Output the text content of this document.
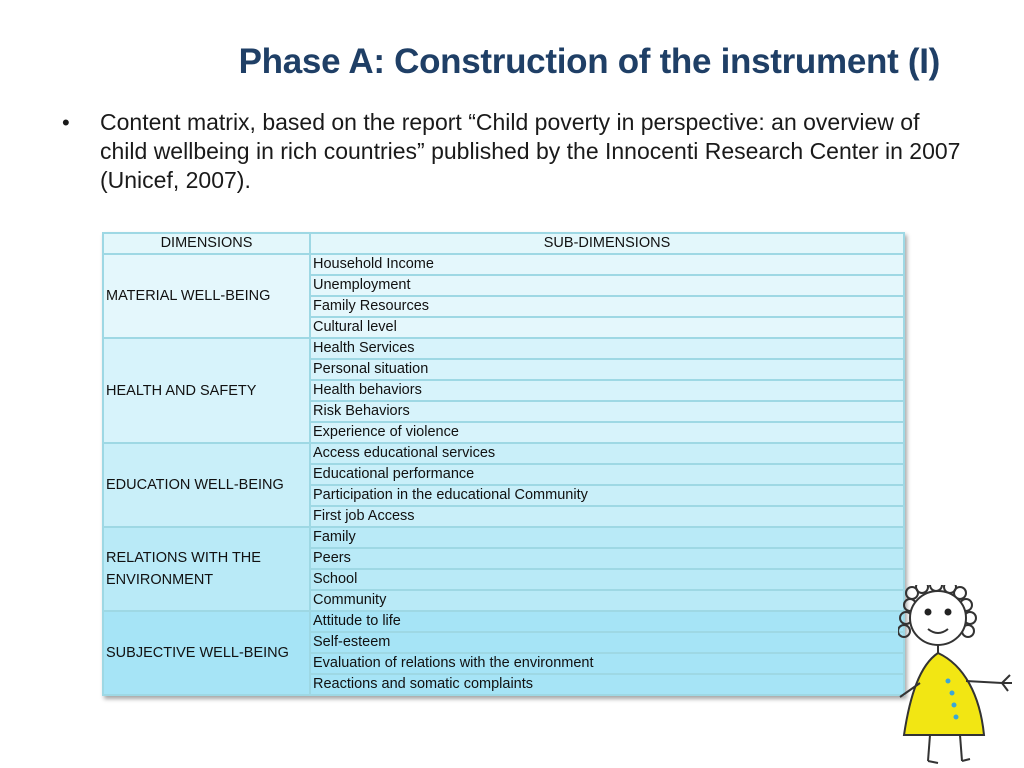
Phase A: Construction of the instrument (I)
•	Content matrix, based on the report “Child poverty in perspective: an overview of child wellbeing in rich countries” published by the Innocenti Research Center in 2007 (Unicef, 2007).
DIMENSIONS	SUB-DIMENSIONS
MATERIAL WELL-BEING	Household Income
	Unemployment
	Family Resources
	Cultural level
HEALTH AND SAFETY	Health Services
	Personal situation
	Health behaviors
	Risk Behaviors
	Experience of violence
EDUCATION WELL-BEING	Access educational services
	Educational performance
	Participation in the educational Community
	First job Access
RELATIONS WITH THE ENVIRONMENT	Family
	Peers
	School
	Community
SUBJECTIVE WELL-BEING	Attitude to life
	Self-esteem
	Evaluation of relations with the environment
	Reactions and somatic complaints
